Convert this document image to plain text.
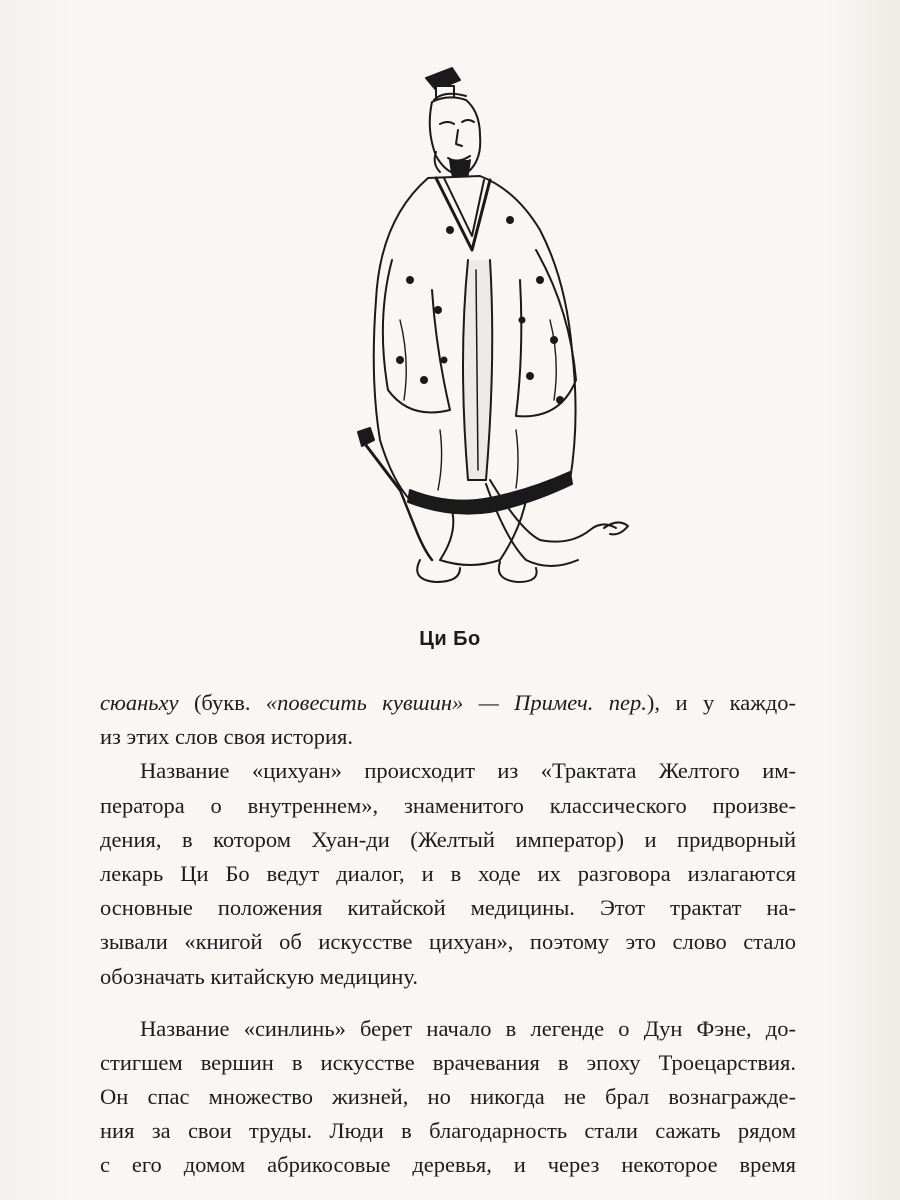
Ци Бо
сюаньху (букв. «повесить кувшин» — Примеч. пер.), и у каждо-
из этих слов своя история.
Название «цихуан» происходит из «Трактата Желтого им-
ператора о внутреннем», знаменитого классического произве-
дения, в котором Хуан-ди (Желтый император) и придворный
лекарь Ци Бо ведут диалог, и в ходе их разговора излагаются
основные положения китайской медицины. Этот трактат на-
зывали «книгой об искусстве цихуан», поэтому это слово стало
обозначать китайскую медицину.
Название «синлинь» берет начало в легенде о Дун Фэне, до-
стигшем вершин в искусстве врачевания в эпоху Троецарствия.
Он спас множество жизней, но никогда не брал вознагражде-
ния за свои труды. Люди в благодарность стали сажать рядом
с его домом абрикосовые деревья, и через некоторое время
